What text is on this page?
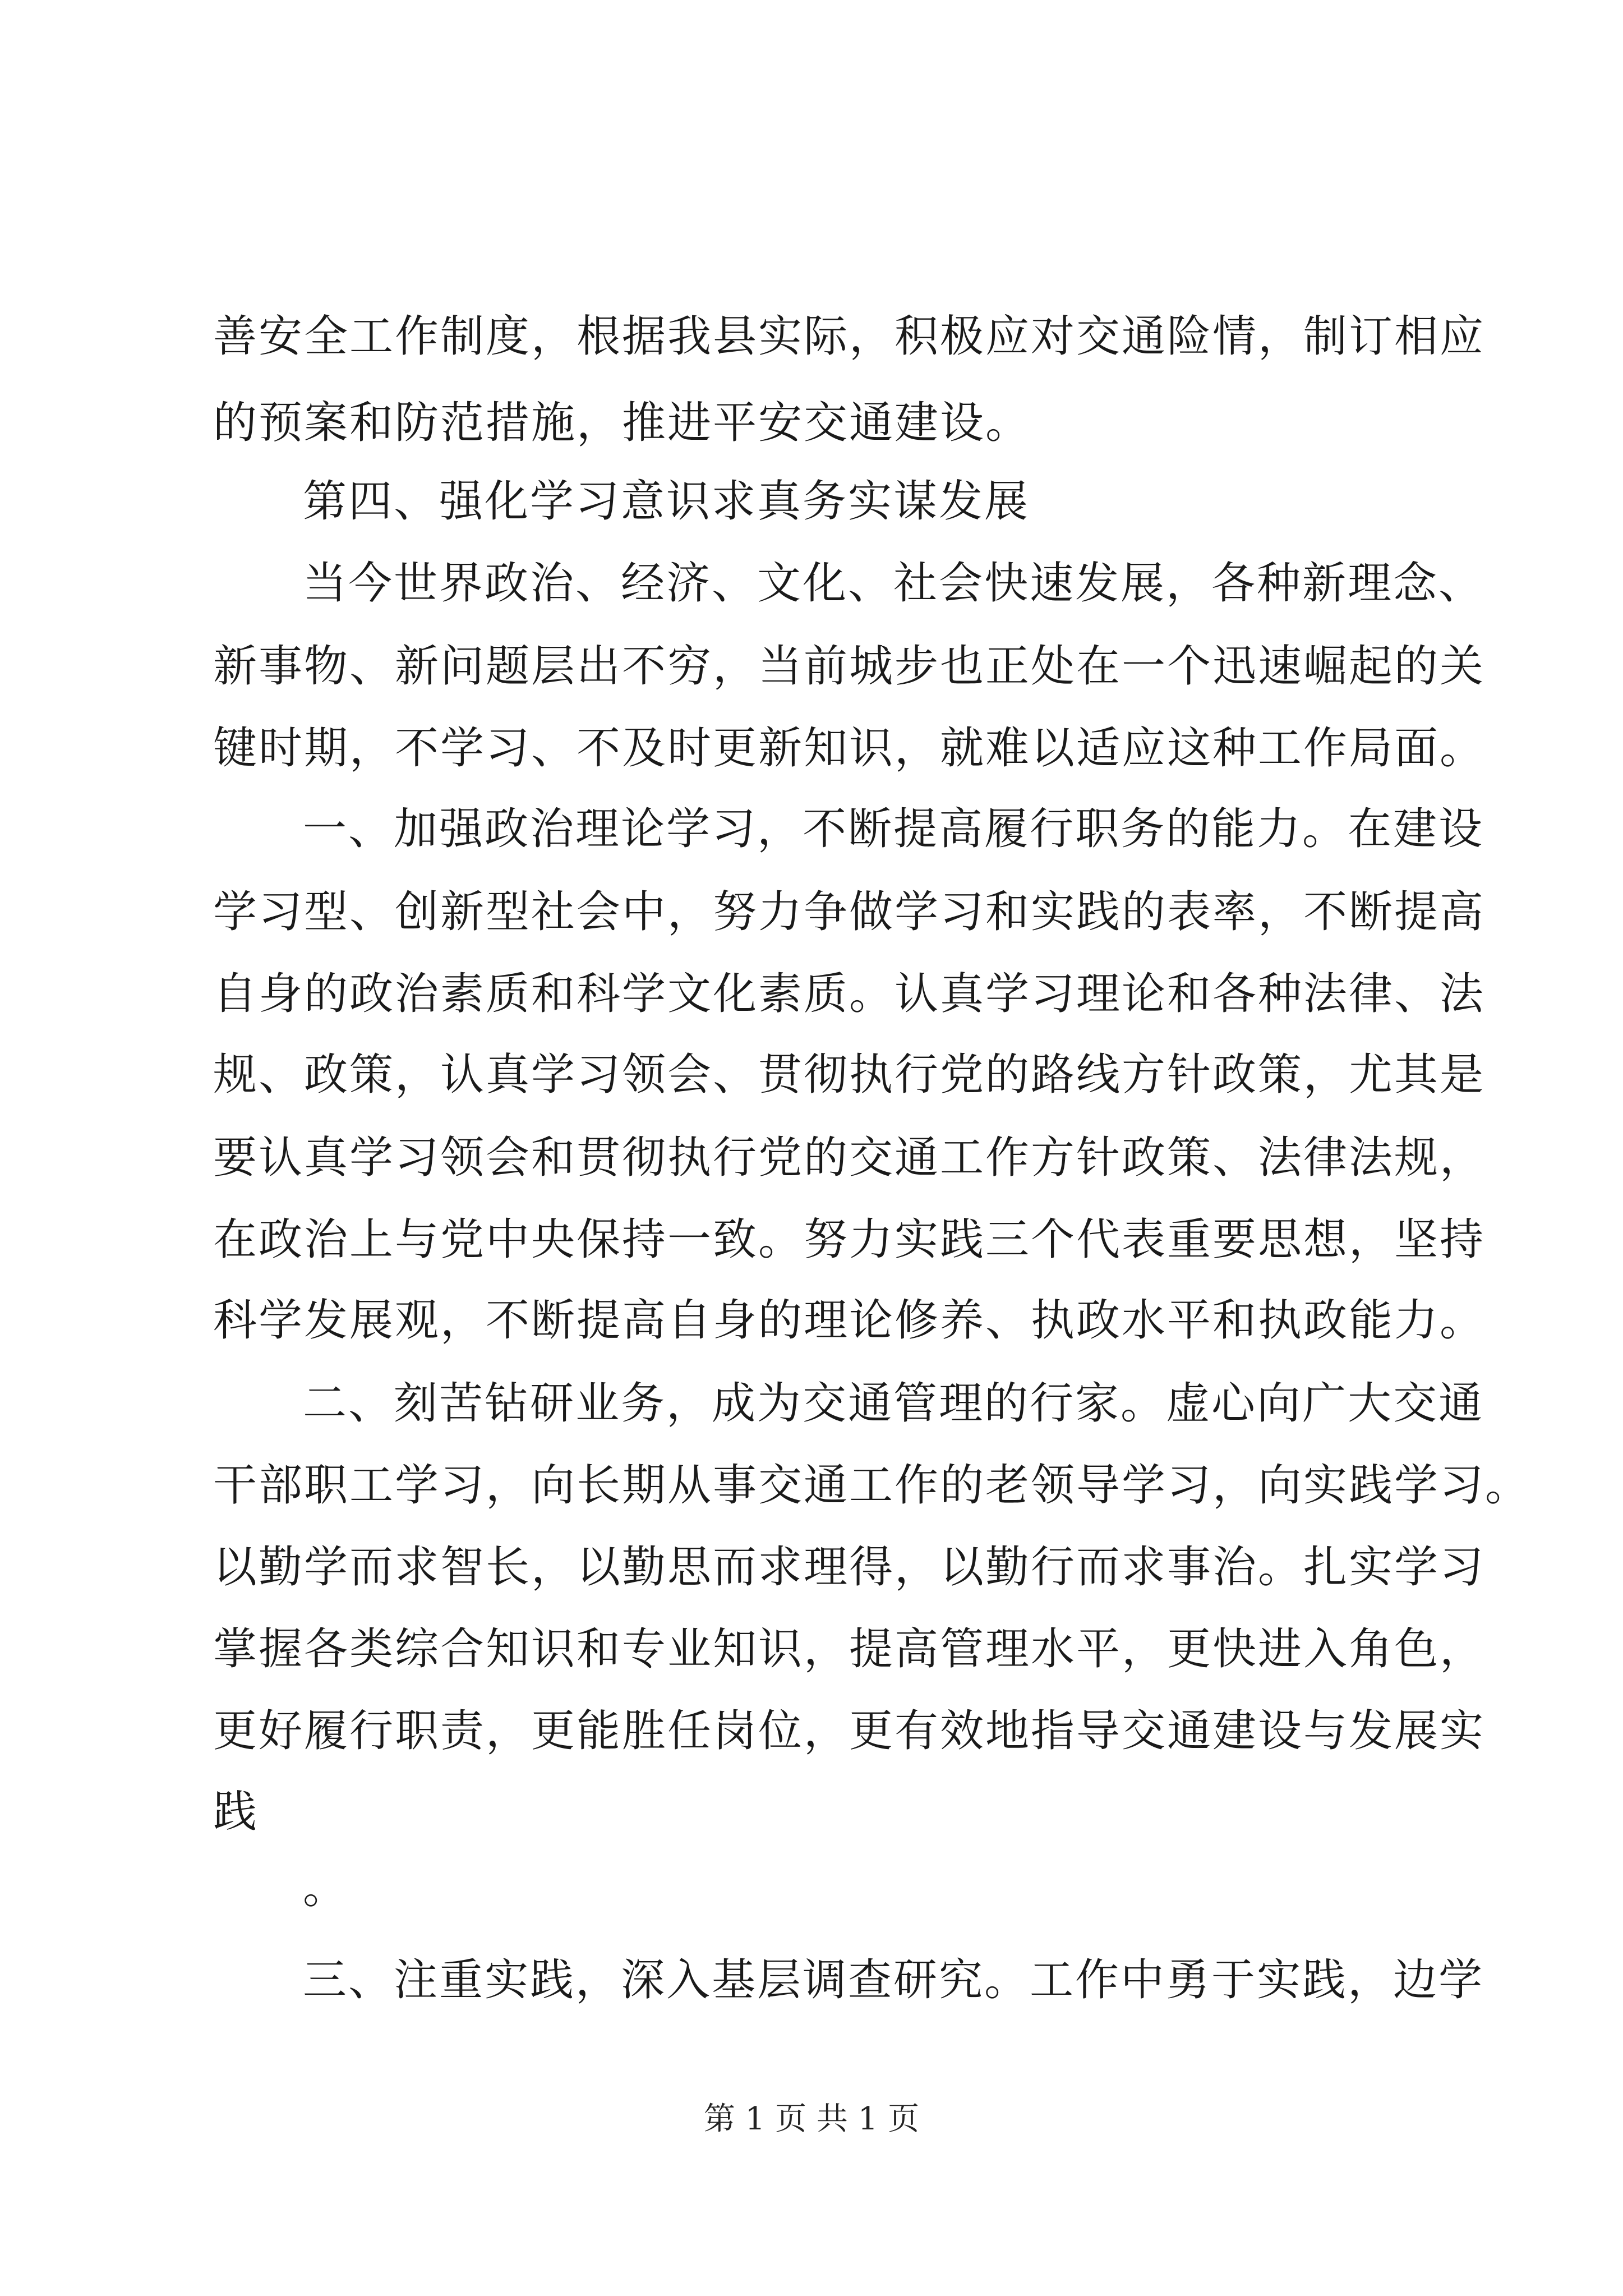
善安全工作制度，根据我县实际，积极应对交通险情，制订相应
的预案和防范措施，推进平安交通建设。
第四、强化学习意识求真务实谋发展
当今世界政治、经济、文化、社会快速发展，各种新理念、
新事物、新问题层出不穷，当前城步也正处在一个迅速崛起的关
键时期，不学习、不及时更新知识，就难以适应这种工作局面。
一、加强政治理论学习，不断提高履行职务的能力。在建设
学习型、创新型社会中，努力争做学习和实践的表率，不断提高
自身的政治素质和科学文化素质。认真学习理论和各种法律、法
规、政策，认真学习领会、贯彻执行党的路线方针政策，尤其是
要认真学习领会和贯彻执行党的交通工作方针政策、法律法规，
在政治上与党中央保持一致。努力实践三个代表重要思想，坚持
科学发展观，不断提高自身的理论修养、执政水平和执政能力。
二、刻苦钻研业务，成为交通管理的行家。虚心向广大交通
干部职工学习，向长期从事交通工作的老领导学习，向实践学习。
以勤学而求智长，以勤思而求理得，以勤行而求事治。扎实学习
掌握各类综合知识和专业知识，提高管理水平，更快进入角色，
更好履行职责，更能胜任岗位，更有效地指导交通建设与发展实
践
。
三、注重实践，深入基层调查研究。工作中勇于实践，边学
第 1 页 共 1 页
